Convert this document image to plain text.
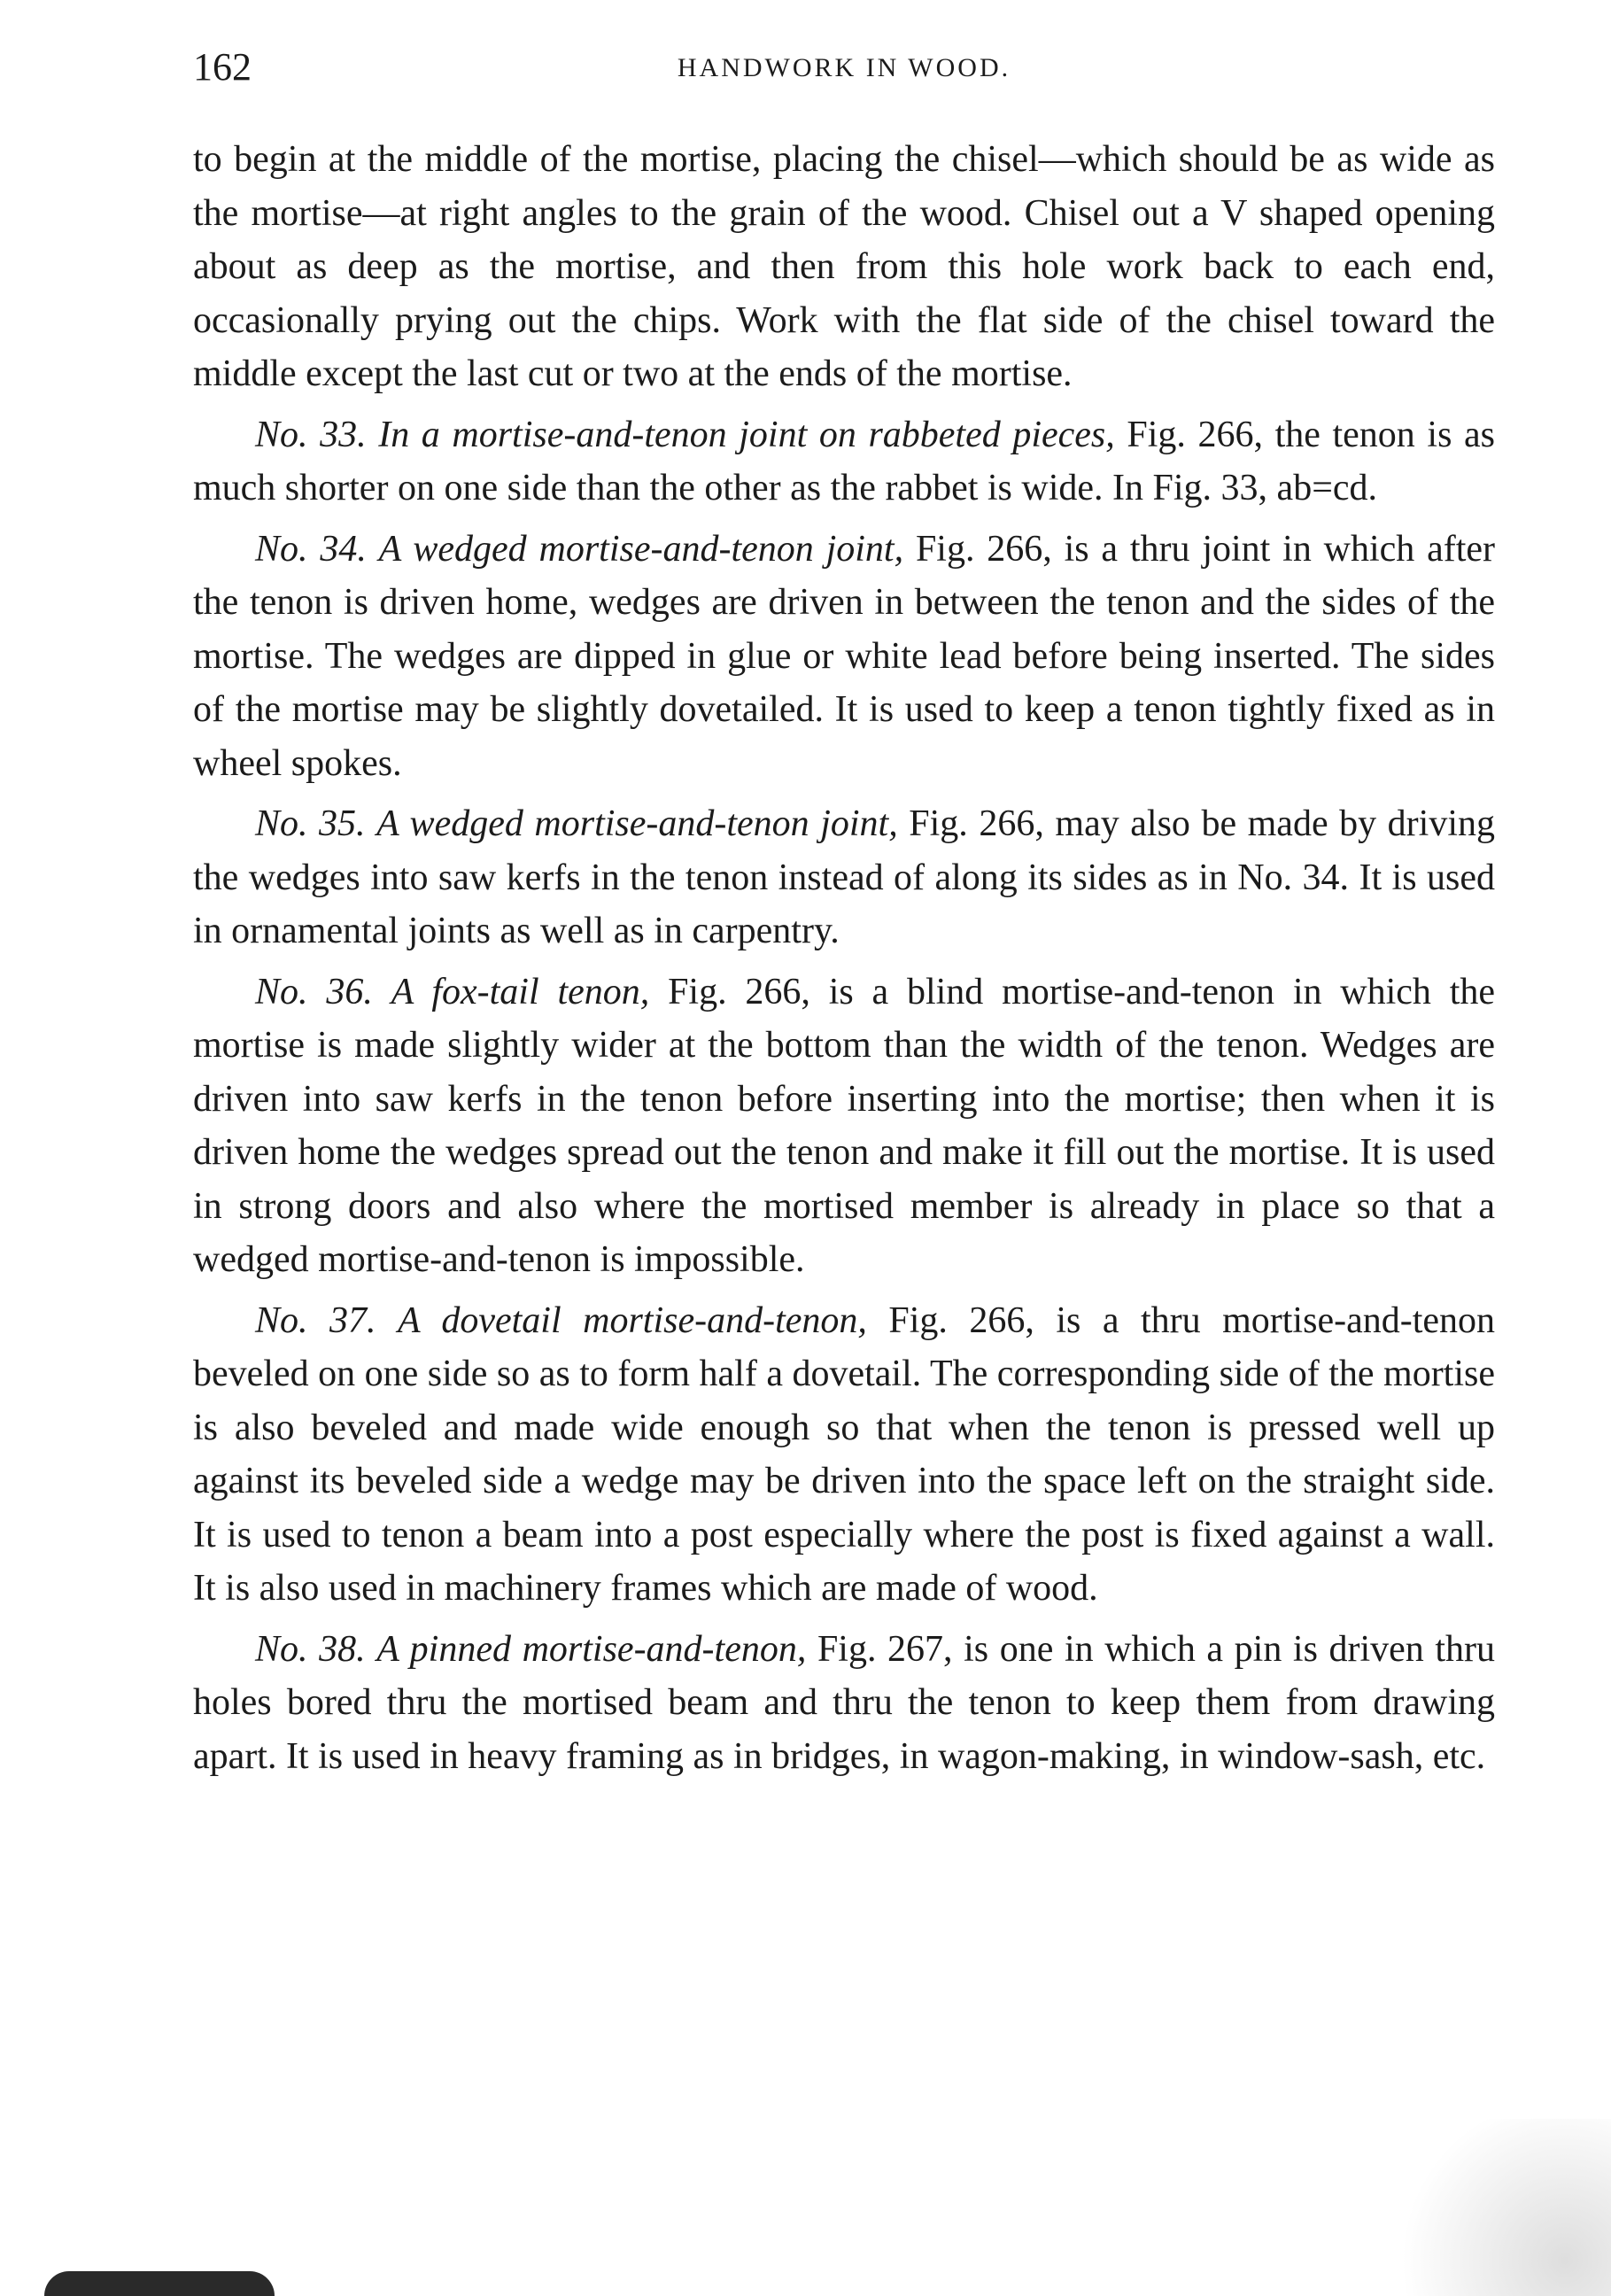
162	HANDWORK IN WOOD.

to begin at the middle of the mortise, placing the chisel—which should be as wide as the mortise—at right angles to the grain of the wood. Chisel out a V shaped opening about as deep as the mortise, and then from this hole work back to each end, occasionally prying out the chips. Work with the flat side of the chisel toward the middle except the last cut or two at the ends of the mortise.

No. 33. In a mortise-and-tenon joint on rabbeted pieces, Fig. 266, the tenon is as much shorter on one side than the other as the rabbet is wide. In Fig. 33, ab=cd.

No. 34. A wedged mortise-and-tenon joint, Fig. 266, is a thru joint in which after the tenon is driven home, wedges are driven in between the tenon and the sides of the mortise. The wedges are dipped in glue or white lead before being inserted. The sides of the mortise may be slightly dovetailed. It is used to keep a tenon tightly fixed as in wheel spokes.

No. 35. A wedged mortise-and-tenon joint, Fig. 266, may also be made by driving the wedges into saw kerfs in the tenon instead of along its sides as in No. 34. It is used in ornamental joints as well as in carpentry.

No. 36. A fox-tail tenon, Fig. 266, is a blind mortise-and-tenon in which the mortise is made slightly wider at the bottom than the width of the tenon. Wedges are driven into saw kerfs in the tenon before inserting into the mortise; then when it is driven home the wedges spread out the tenon and make it fill out the mortise. It is used in strong doors and also where the mortised member is already in place so that a wedged mortise-and-tenon is impossible.

No. 37. A dovetail mortise-and-tenon, Fig. 266, is a thru mortise-and-tenon beveled on one side so as to form half a dovetail. The corresponding side of the mortise is also beveled and made wide enough so that when the tenon is pressed well up against its beveled side a wedge may be driven into the space left on the straight side. It is used to tenon a beam into a post especially where the post is fixed against a wall. It is also used in machinery frames which are made of wood.

No. 38. A pinned mortise-and-tenon, Fig. 267, is one in which a pin is driven thru holes bored thru the mortised beam and thru the tenon to keep them from drawing apart. It is used in heavy framing as in bridges, in wagon-making, in window-sash, etc.
